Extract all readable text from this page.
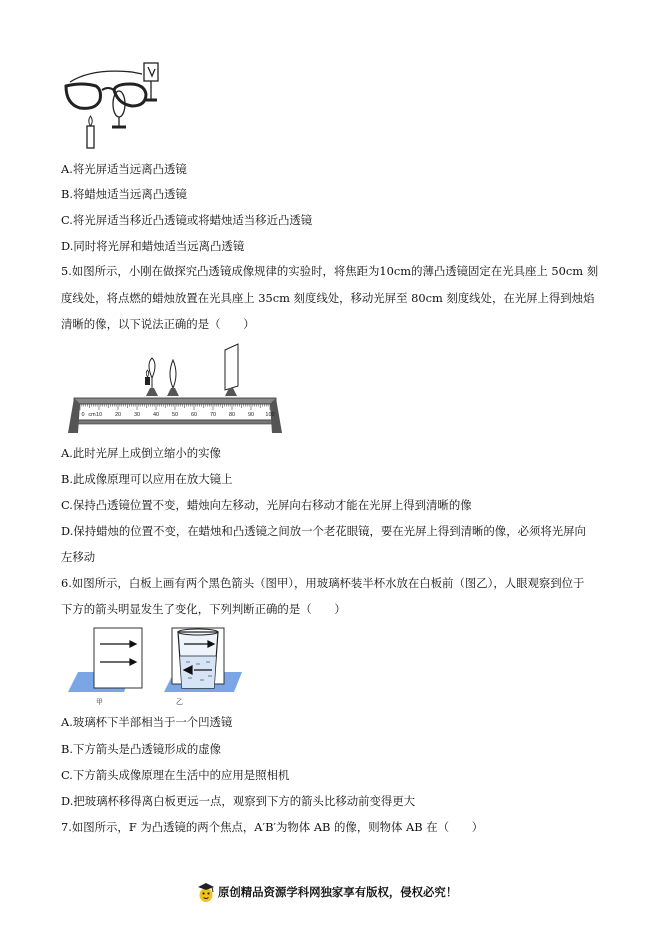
A.将光屏适当远离凸透镜
B.将蜡烛适当远离凸透镜
C.将光屏适当移近凸透镜或将蜡烛适当移近凸透镜
D.同时将光屏和蜡烛适当远离凸透镜
5.如图所示，小刚在做探究凸透镜成像规律的实验时，将焦距为10cm的薄凸透镜固定在光具座上 50cm 刻
度线处，将点燃的蜡烛放置在光具座上 35cm 刻度线处，移动光屏至 80cm 刻度线处，在光屏上得到烛焰
清晰的像，以下说法正确的是（　　）
0 10 20 30 40 50 60 70 80 90 100
cm
A.此时光屏上成倒立缩小的实像
B.此成像原理可以应用在放大镜上
C.保持凸透镜位置不变，蜡烛向左移动，光屏向右移动才能在光屏上得到清晰的像
D.保持蜡烛的位置不变，在蜡烛和凸透镜之间放一个老花眼镜，要在光屏上得到清晰的像，必须将光屏向
左移动
6.如图所示，白板上画有两个黑色箭头（图甲），用玻璃杯装半杯水放在白板前（图乙），人眼观察到位于
下方的箭头明显发生了变化，下列判断正确的是（　　）
甲	乙
A.玻璃杯下半部相当于一个凹透镜
B.下方箭头是凸透镜形成的虚像
C.下方箭头成像原理在生活中的应用是照相机
D.把玻璃杯移得离白板更远一点，观察到下方的箭头比移动前变得更大
7.如图所示，F 为凸透镜的两个焦点，A′B′为物体 AB 的像，则物体 AB 在（　　）
原创精品资源学科网独家享有版权，侵权必究！
